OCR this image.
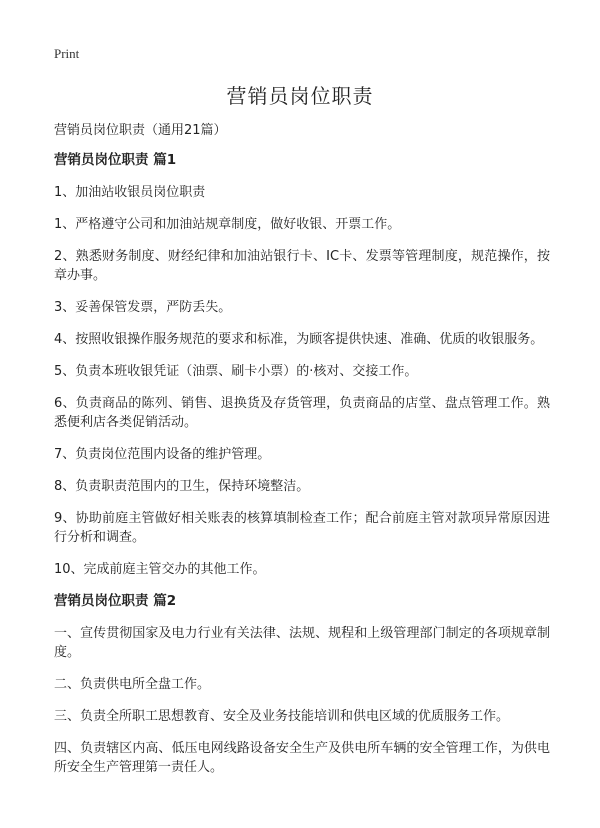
Print
营销员岗位职责

营销员岗位职责（通用21篇）

营销员岗位职责 篇1

1、加油站收银员岗位职责

1、严格遵守公司和加油站规章制度，做好收银、开票工作。

2、熟悉财务制度、财经纪律和加油站银行卡、IC卡、发票等管理制度，规范操作，按章办事。

3、妥善保管发票，严防丢失。

4、按照收银操作服务规范的要求和标准，为顾客提供快速、准确、优质的收银服务。

5、负责本班收银凭证（油票、刷卡小票）的·核对、交接工作。

6、负责商品的陈列、销售、退换货及存货管理，负责商品的店堂、盘点管理工作。熟悉便利店各类促销活动。

7、负责岗位范围内设备的维护管理。

8、负责职责范围内的卫生，保持环境整洁。

9、协助前庭主管做好相关账表的核算填制检查工作；配合前庭主管对款项异常原因进行分析和调查。

10、完成前庭主管交办的其他工作。

营销员岗位职责 篇2

一、宣传贯彻国家及电力行业有关法律、法规、规程和上级管理部门制定的各项规章制度。

二、负责供电所全盘工作。

三、负责全所职工思想教育、安全及业务技能培训和供电区域的优质服务工作。

四、负责辖区内高、低压电网线路设备安全生产及供电所车辆的安全管理工作，为供电所安全生产管理第一责任人。
